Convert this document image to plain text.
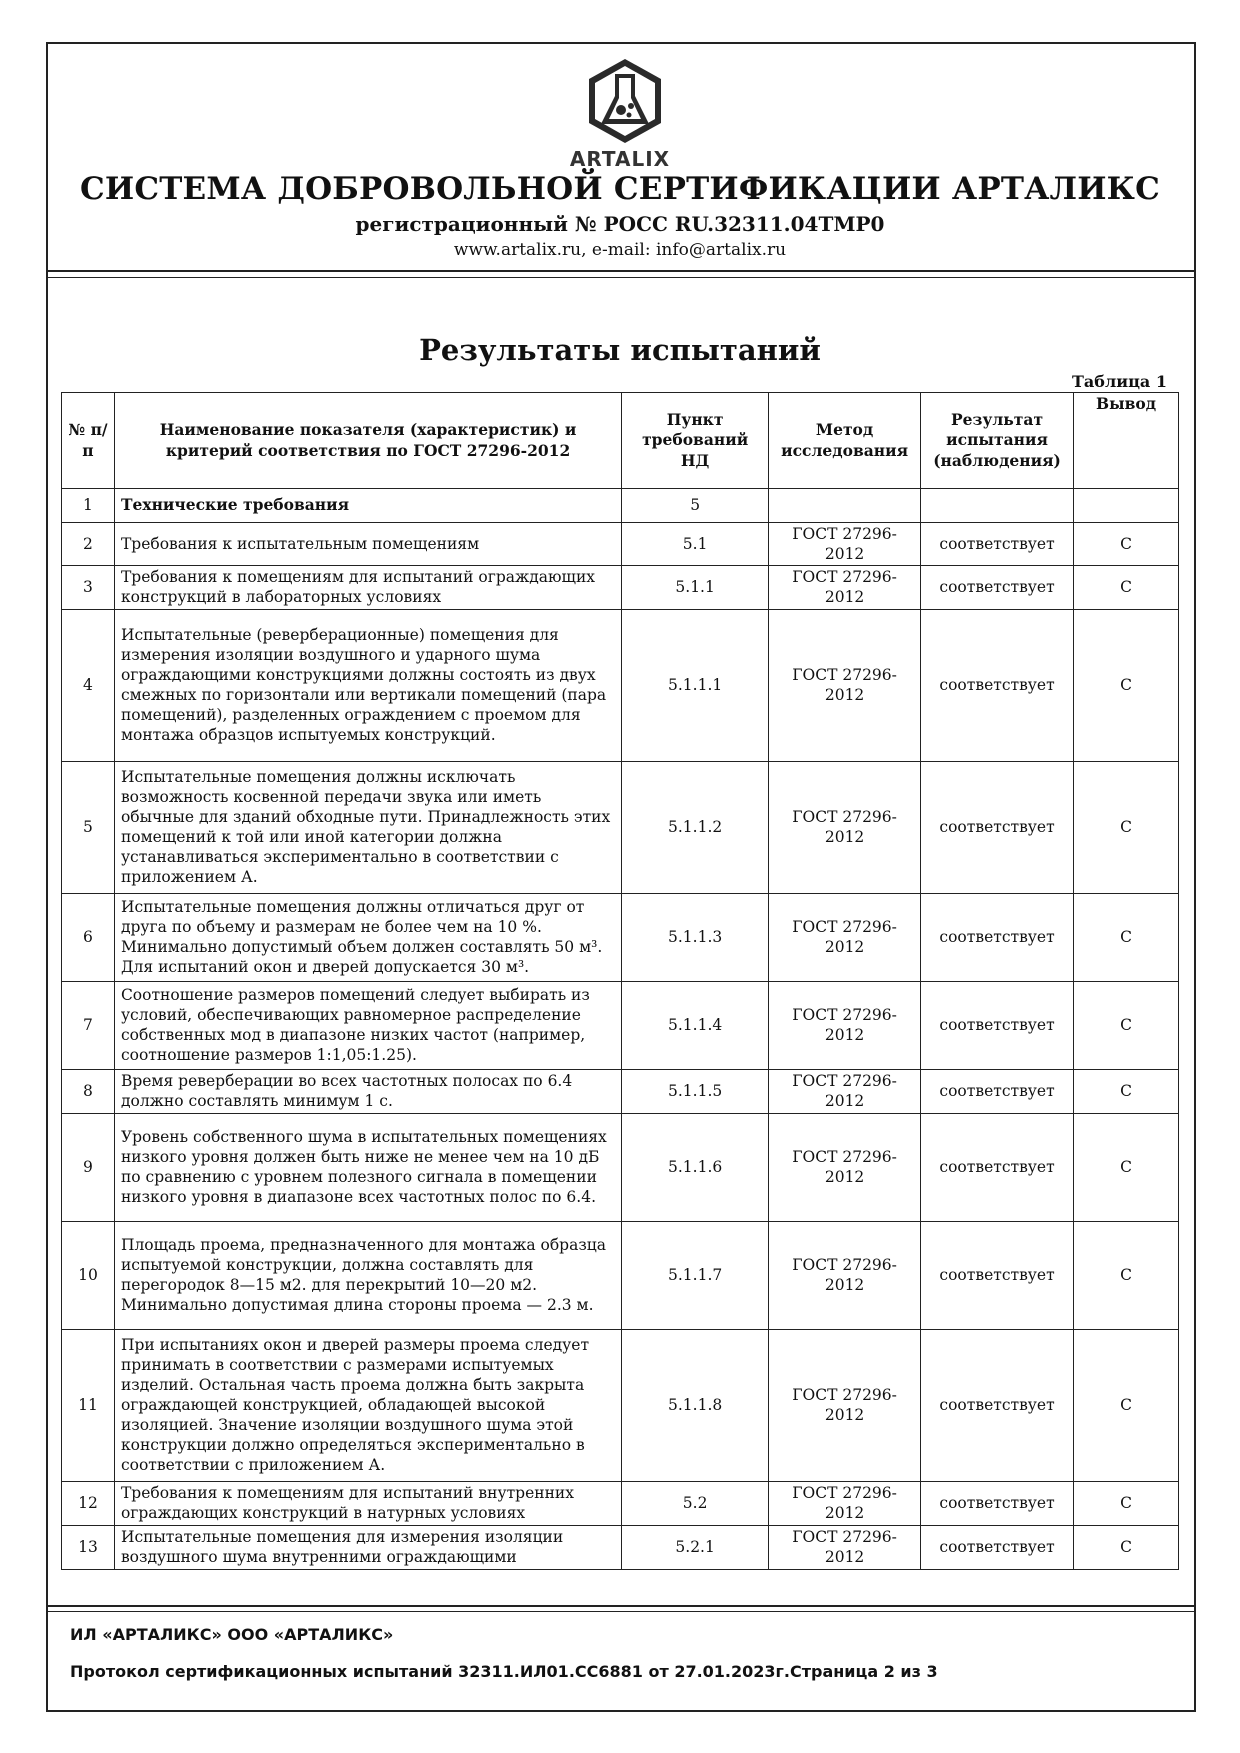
ARTALIX
СИСТЕМА ДОБРОВОЛЬНОЙ СЕРТИФИКАЦИИ АРТАЛИКС
регистрационный № РОСС RU.32311.04ТМР0
www.artalix.ru, e-mail: info@artalix.ru
Результаты испытаний
Таблица 1
№ п/п	Наименование показателя (характеристик) и критерий соответствия по ГОСТ 27296-2012	Пункт требований НД	Метод исследования	Результат испытания (наблюдения)	Вывод
1	Технические требования	5			
2	Требования к испытательным помещениям	5.1	ГОСТ 27296-2012	соответствует	С
3	Требования к помещениям для испытаний ограждающих конструкций в лабораторных условиях	5.1.1	ГОСТ 27296-2012	соответствует	С
4	Испытательные (реверберационные) помещения для измерения изоляции воздушного и ударного шума ограждающими конструкциями должны состоять из двух смежных по горизонтали или вертикали помещений (пара помещений), разделенных ограждением с проемом для монтажа образцов испытуемых конструкций.	5.1.1.1	ГОСТ 27296-2012	соответствует	С
5	Испытательные помещения должны исключать возможность косвенной передачи звука или иметь обычные для зданий обходные пути. Принадлежность этих помещений к той или иной категории должна устанавливаться экспериментально в соответствии с приложением А.	5.1.1.2	ГОСТ 27296-2012	соответствует	С
6	Испытательные помещения должны отличаться друг от друга по объему и размерам не более чем на 10 %. Минимально допустимый объем должен составлять 50 м³. Для испытаний окон и дверей допускается 30 м³.	5.1.1.3	ГОСТ 27296-2012	соответствует	С
7	Соотношение размеров помещений следует выбирать из условий, обеспечивающих равномерное распределение собственных мод в диапазоне низких частот (например, соотношение размеров 1:1,05:1.25).	5.1.1.4	ГОСТ 27296-2012	соответствует	С
8	Время реверберации во всех частотных полосах по 6.4 должно составлять минимум 1 с.	5.1.1.5	ГОСТ 27296-2012	соответствует	С
9	Уровень собственного шума в испытательных помещениях низкого уровня должен быть ниже не менее чем на 10 дБ по сравнению с уровнем полезного сигнала в помещении низкого уровня в диапазоне всех частотных полос по 6.4.	5.1.1.6	ГОСТ 27296-2012	соответствует	С
10	Площадь проема, предназначенного для монтажа образца испытуемой конструкции, должна составлять для перегородок 8—15 м2. для перекрытий 10—20 м2. Минимально допустимая длина стороны проема — 2.3 м.	5.1.1.7	ГОСТ 27296-2012	соответствует	С
11	При испытаниях окон и дверей размеры проема следует принимать в соответствии с размерами испытуемых изделий. Остальная часть проема должна быть закрыта ограждающей конструкцией, обладающей высокой изоляцией. Значение изоляции воздушного шума этой конструкции должно определяться экспериментально в соответствии с приложением А.	5.1.1.8	ГОСТ 27296-2012	соответствует	С
12	Требования к помещениям для испытаний внутренних ограждающих конструкций в натурных условиях	5.2	ГОСТ 27296-2012	соответствует	С
13	Испытательные помещения для измерения изоляции воздушного шума внутренними ограждающими	5.2.1	ГОСТ 27296-2012	соответствует	С
ИЛ «АРТАЛИКС» ООО «АРТАЛИКС»
Протокол сертификационных испытаний 32311.ИЛ01.СС6881 от 27.01.2023г.Страница 2 из 3
